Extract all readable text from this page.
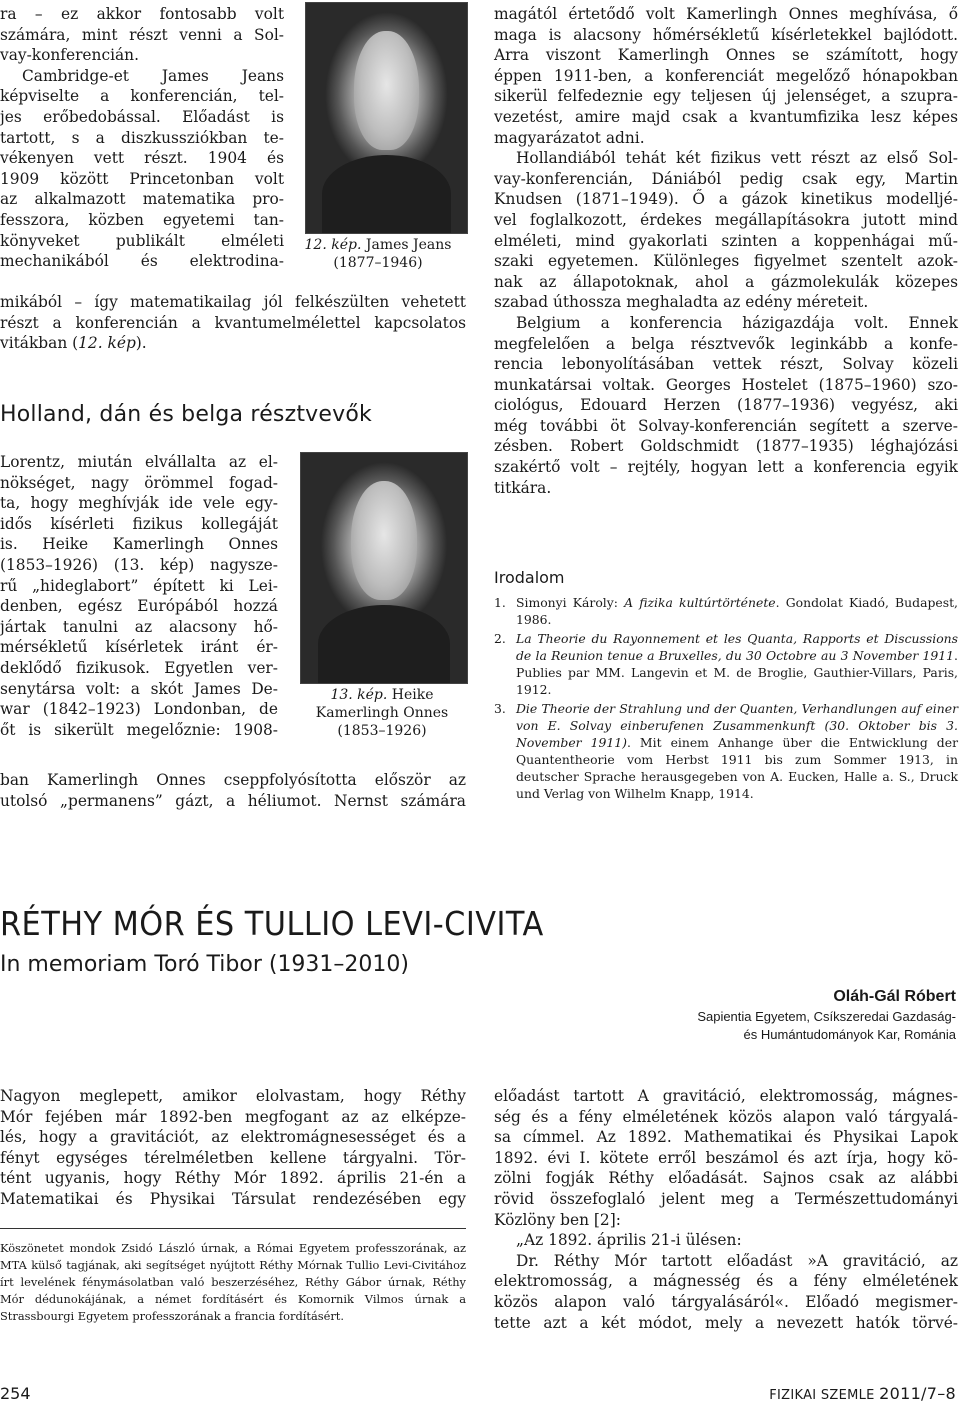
ra – ez akkor fontosabb volt
számára, mint részt venni a Sol-
vay-konferencián.
Cambridge-et James Jeans
képviselte a konferencián, tel-
jes erőbedobással. Előadást is
tartott, s a diszkussziókban te-
vékenyen vett részt. 1904 és
1909 között Princetonban volt
az alkalmazott matematika pro-
fesszora, közben egyetemi tan-
könyveket publikált elméleti
mechanikából és elektrodina-
mikából – így matematikailag jól felkészülten vehetett
részt a konferencián a kvantumelmélettel kapcsolatos
vitákban (12. kép).
Holland, dán és belga résztvevők
Lorentz, miután elvállalta az el-
nökséget, nagy örömmel fogad-
ta, hogy meghívják ide vele egy-
idős kísérleti fizikus kollegáját
is. Heike Kamerlingh Onnes
(1853–1926) (13. kép) nagysze-
rű „hideglabort” épített ki Lei-
denben, egész Európából hozzá
jártak tanulni az alacsony hő-
mérsékletű kísérletek iránt ér-
deklődő fizikusok. Egyetlen ver-
senytársa volt: a skót James De-
war (1842–1923) Londonban, de
őt is sikerült megelőznie: 1908-
ban Kamerlingh Onnes cseppfolyósította először az
utolsó „permanens” gázt, a héliumot. Nernst számára
12. kép. James Jeans
(1877–1946)
13. kép. Heike
Kamerlingh Onnes
(1853–1926)
magától értetődő volt Kamerlingh Onnes meghívása, ő
maga is alacsony hőmérsékletű kísérletekkel bajlódott.
Arra viszont Kamerlingh Onnes se számított, hogy
éppen 1911-ben, a konferenciát megelőző hónapokban
sikerül felfedeznie egy teljesen új jelenséget, a szupra-
vezetést, amire majd csak a kvantumfizika lesz képes
magyarázatot adni.
Hollandiából tehát két fizikus vett részt az első Sol-
vay-konferencián, Dániából pedig csak egy, Martin
Knudsen (1871–1949). Ő a gázok kinetikus modelljé-
vel foglalkozott, érdekes megállapításokra jutott mind
elméleti, mind gyakorlati szinten a koppenhágai mű-
szaki egyetemen. Különleges figyelmet szentelt azok-
nak az állapotoknak, ahol a gázmolekulák közepes
szabad úthossza meghaladta az edény méreteit.
Belgium a konferencia házigazdája volt. Ennek
megfelelően a belga résztvevők leginkább a konfe-
rencia lebonyolításában vettek részt, Solvay közeli
munkatársai voltak. Georges Hostelet (1875–1960) szo-
ciológus, Edouard Herzen (1877–1936) vegyész, aki
még további öt Solvay-konferencián segített a szerve-
zésben. Robert Goldschmidt (1877–1935) léghajózási
szakértő volt – rejtély, hogyan lett a konferencia egyik
titkára.
Irodalom
1. Simonyi Károly: A fizika kultúrtörténete. Gondolat Kiadó, Budapest, 1986.
2. La Theorie du Rayonnement et les Quanta, Rapports et Discussions de la Reunion tenue a Bruxelles, du 30 Octobre au 3 November 1911. Publies par MM. Langevin et M. de Broglie, Gauthier-Villars, Paris, 1912.
3. Die Theorie der Strahlung und der Quanten, Verhandlungen auf einer von E. Solvay einberufenen Zusammenkunft (30. Oktober bis 3. November 1911). Mit einem Anhange über die Entwicklung der Quantentheorie vom Herbst 1911 bis zum Sommer 1913, in deutscher Sprache herausgegeben von A. Eucken, Halle a. S., Druck und Verlag von Wilhelm Knapp, 1914.
RÉTHY MÓR ÉS TULLIO LEVI-CIVITA
In memoriam Toró Tibor (1931–2010)
Oláh-Gál Róbert
Sapientia Egyetem, Csíkszeredai Gazdaság-
és Humántudományok Kar, Románia
Nagyon meglepett, amikor elolvastam, hogy Réthy
Mór fejében már 1892-ben megfogant az az elképze-
lés, hogy a gravitációt, az elektromágnesességet és a
fényt egységes térelméletben kellene tárgyalni. Tör-
tént ugyanis, hogy Réthy Mór 1892. április 21-én a
Matematikai és Physikai Társulat rendezésében egy
Köszönetet mondok Zsidó László úrnak, a Római Egyetem professzorának, az MTA külső tagjának, aki segítséget nyújtott Réthy Mórnak Tullio Levi-Civitához írt levelének fénymásolatban való beszerzéséhez, Réthy Gábor úrnak, Réthy Mór dédunokájának, a német fordításért és Komornik Vilmos úrnak a Strassbourgi Egyetem professzorának a francia fordításért.
előadást tartott A gravitáció, elektromosság, mágnes-
ség és a fény elméletének közös alapon való tárgyalá-
sa címmel. Az 1892. Mathematikai és Physikai Lapok
1892. évi I. kötete erről beszámol és azt írja, hogy kö-
zölni fogják Réthy előadását. Sajnos csak az alábbi
rövid összefoglaló jelent meg a Természettudományi
Közlöny ben [2]:
„Az 1892. április 21-i ülésen:
Dr. Réthy Mór tartott előadást »A gravitáció, az
elektromosság, a mágnesség és a fény elméletének
közös alapon való tárgyalásáról«. Előadó megismer-
tette azt a két módot, mely a nevezett hatók törvé-
254	FIZIKAI SZEMLE 2011/7–8
